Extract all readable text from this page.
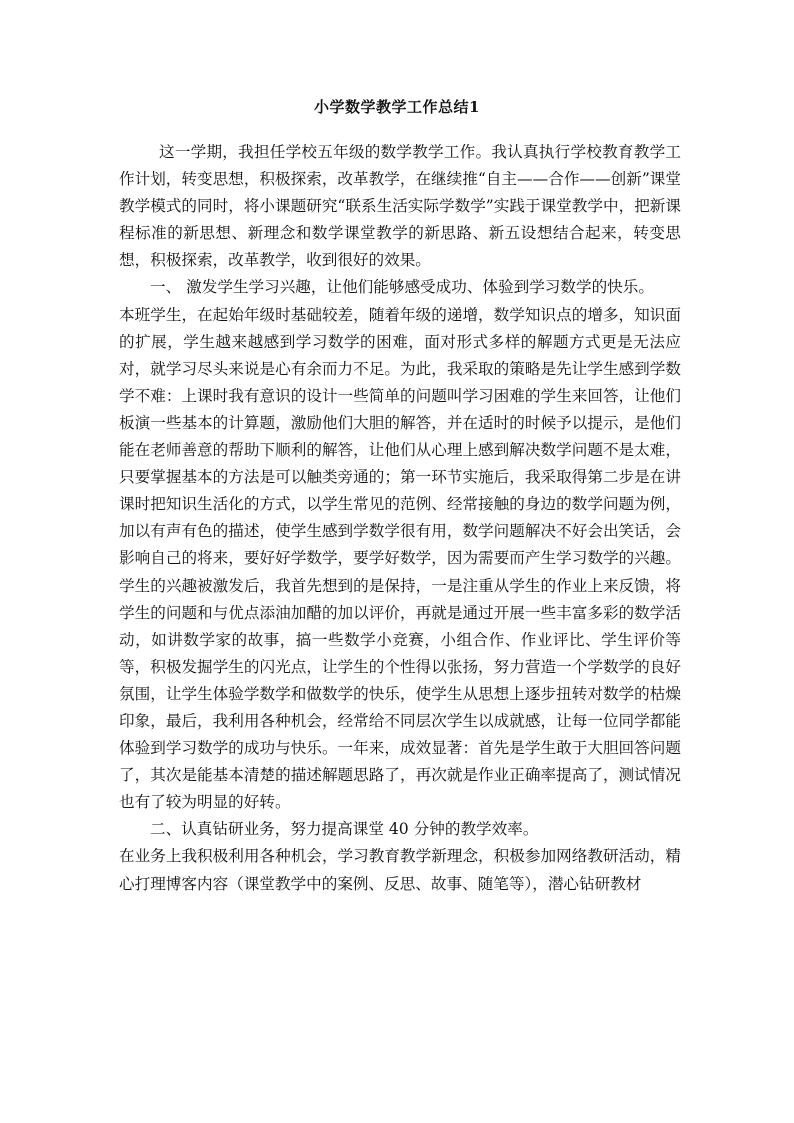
小学数学教学工作总结1

这一学期，我担任学校五年级的数学教学工作。我认真执行学校教育教学工作计划，转变思想，积极探索，改革教学，在继续推“自主——合作——创新”课堂教学模式的同时，将小课题研究“联系生活实际学数学”实践于课堂教学中，把新课程标准的新思想、新理念和数学课堂教学的新思路、新五设想结合起来，转变思想，积极探索，改革教学，收到很好的效果。

一、 激发学生学习兴趣，让他们能够感受成功、体验到学习数学的快乐。

本班学生，在起始年级时基础较差，随着年级的递增，数学知识点的增多，知识面的扩展，学生越来越感到学习数学的困难，面对形式多样的解题方式更是无法应对，就学习尽头来说是心有余而力不足。为此，我采取的策略是先让学生感到学数学不难：上课时我有意识的设计一些简单的问题叫学习困难的学生来回答，让他们板演一些基本的计算题，激励他们大胆的解答，并在适时的时候予以提示，是他们能在老师善意的帮助下顺利的解答，让他们从心理上感到解决数学问题不是太难，只要掌握基本的方法是可以触类旁通的；第一环节实施后，我采取得第二步是在讲课时把知识生活化的方式，以学生常见的范例、经常接触的身边的数学问题为例，加以有声有色的描述，使学生感到学数学很有用，数学问题解决不好会出笑话，会影响自己的将来，要好好学数学，要学好数学，因为需要而产生学习数学的兴趣。学生的兴趣被激发后，我首先想到的是保持，一是注重从学生的作业上来反馈，将学生的问题和与优点添油加醋的加以评价，再就是通过开展一些丰富多彩的数学活动，如讲数学家的故事，搞一些数学小竞赛，小组合作、作业评比、学生评价等等，积极发掘学生的闪光点，让学生的个性得以张扬，努力营造一个学数学的良好氛围，让学生体验学数学和做数学的快乐，使学生从思想上逐步扭转对数学的枯燥印象，最后，我利用各种机会，经常给不同层次学生以成就感，让每一位同学都能体验到学习数学的成功与快乐。一年来，成效显著：首先是学生敢于大胆回答问题了，其次是能基本清楚的描述解题思路了，再次就是作业正确率提高了，测试情况也有了较为明显的好转。

二、认真钻研业务，努力提高课堂 40 分钟的教学效率。

在业务上我积极利用各种机会，学习教育教学新理念，积极参加网络教研活动，精心打理博客内容（课堂教学中的案例、反思、故事、随笔等），潜心钻研教材
